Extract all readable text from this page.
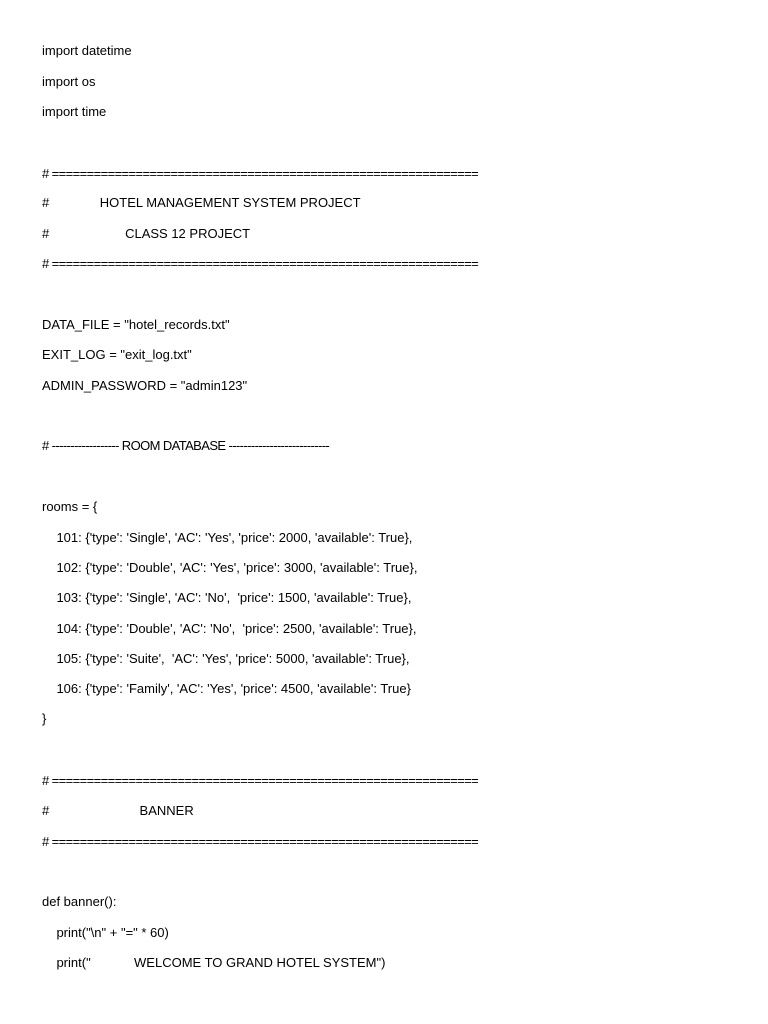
import datetime
import os
import time
# =============================================================
#              HOTEL MANAGEMENT SYSTEM PROJECT
#                     CLASS 12 PROJECT
# =============================================================
DATA_FILE = "hotel_records.txt"
EXIT_LOG = "exit_log.txt"
ADMIN_PASSWORD = "admin123"
# ------------------ ROOM DATABASE ---------------------------
rooms = {
101: {'type': 'Single', 'AC': 'Yes', 'price': 2000, 'available': True},
102: {'type': 'Double', 'AC': 'Yes', 'price': 3000, 'available': True},
103: {'type': 'Single', 'AC': 'No',  'price': 1500, 'available': True},
104: {'type': 'Double', 'AC': 'No',  'price': 2500, 'available': True},
105: {'type': 'Suite',  'AC': 'Yes', 'price': 5000, 'available': True},
106: {'type': 'Family', 'AC': 'Yes', 'price': 4500, 'available': True}
}
# =============================================================
#                         BANNER
# =============================================================
def banner():
print("\n" + "=" * 60)
print("            WELCOME TO GRAND HOTEL SYSTEM")
